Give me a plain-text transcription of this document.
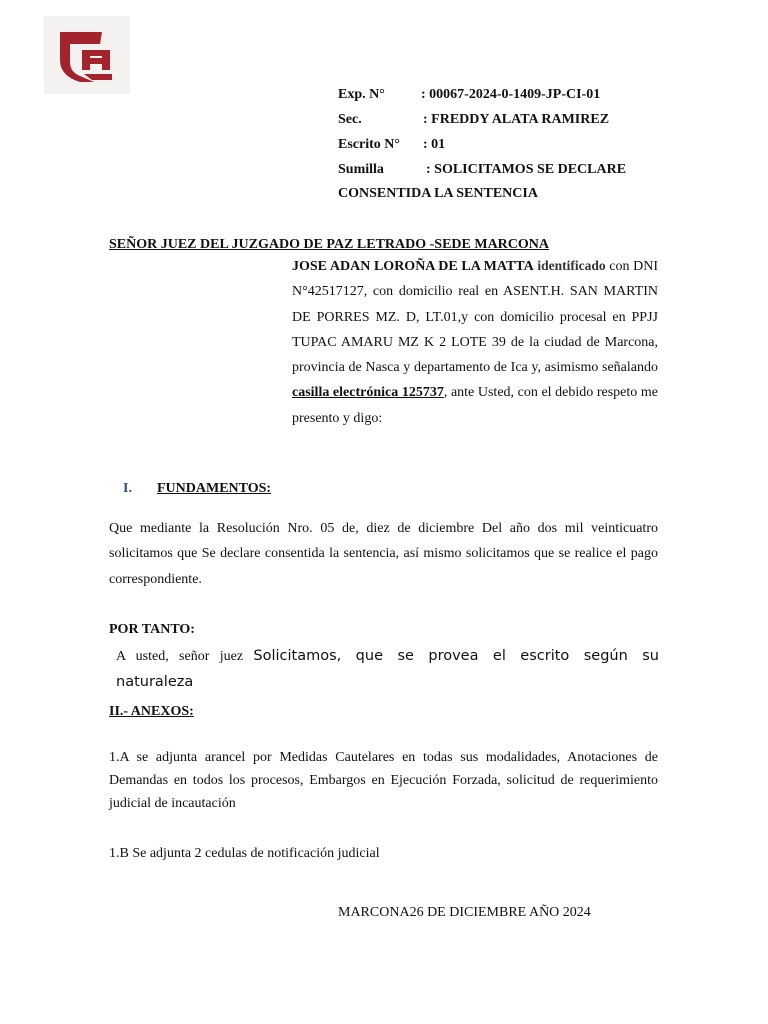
Exp. N°	: 00067-2024-0-1409-JP-CI-01
Sec.	: FREDDY ALATA RAMIREZ
Escrito N° : 01
Sumilla	: SOLICITAMOS SE DECLARE
CONSENTIDA LA SENTENCIA
SEÑOR JUEZ DEL JUZGADO DE PAZ LETRADO -SEDE MARCONA
JOSE ADAN LOROÑA DE LA MATTA identificado con DNI N°42517127, con domicilio real en ASENT.H. SAN MARTIN DE PORRES MZ. D, LT.01,y con domicilio procesal en PPJJ TUPAC AMARU MZ K 2 LOTE 39 de la ciudad de Marcona, provincia de Nasca y departamento de Ica y, asimismo señalando casilla electrónica 125737, ante Usted, con el debido respeto me presento y digo:
I. FUNDAMENTOS:
Que mediante la Resolución Nro. 05 de, diez de diciembre Del año dos mil veinticuatro solicitamos que Se declare consentida la sentencia, así mismo solicitamos que se realice el pago correspondiente.
POR TANTO:
A usted, señor juez Solicitamos, que se provea el escrito según su naturaleza
II.- ANEXOS:
1.A se adjunta arancel por Medidas Cautelares en todas sus modalidades, Anotaciones de Demandas en todos los procesos, Embargos en Ejecución Forzada, solicitud de requerimiento judicial de incautación
1.B Se adjunta 2 cedulas de notificación judicial
MARCONA26 DE DICIEMBRE AÑO 2024
